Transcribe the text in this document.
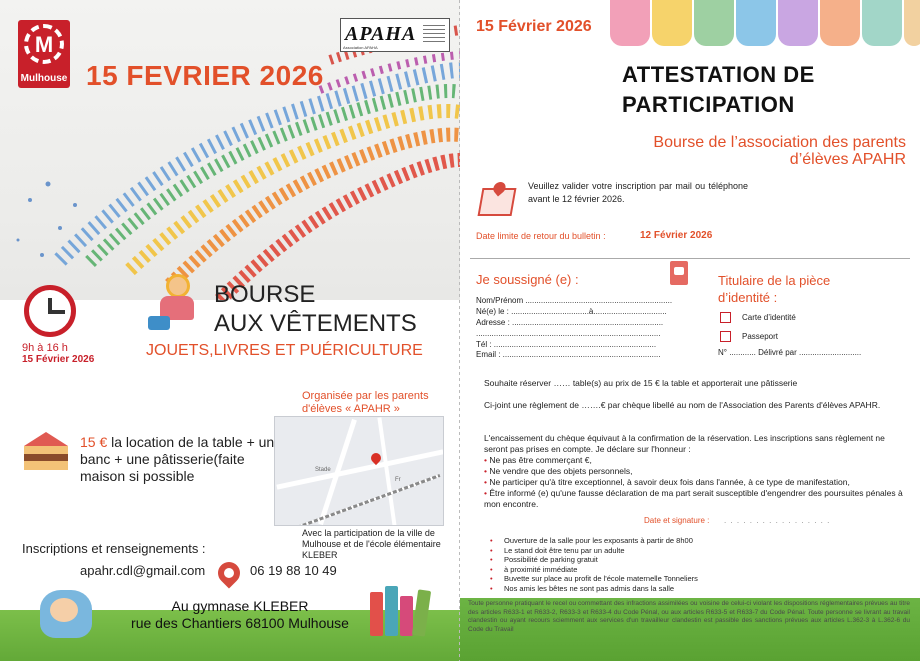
M
Mulhouse
APAHA
Association APAHA
15 FEVRIER 2026
9h à 16 h
15 Février 2026
BOURSE
AUX VÊTEMENTS
JOUETS,LIVRES ET PUÉRICULTURE
15 € la location de la table + un banc + une pâtisserie(faite maison si possible
Organisée par les parents d'élèves « APAHR »
Stade
Fr
Avec la participation de la ville de Mulhouse et de l'école élémentaire KLEBER
Inscriptions et renseignements :
apahr.cdl@gmail.com	06 19 88 10 49
Au gymnase KLEBER
rue des Chantiers 68100 Mulhouse
15 Février 2026
ATTESTATION DE
PARTICIPATION
Bourse de l’association des parents
d’élèves APAHR
Veuillez valider votre inscription par mail ou téléphone avant le 12 février 2026.
Date limite de retour du bulletin :	12 Février 2026
Je soussigné (e) :	Titulaire de la pièce
d’identité :
Nom/Prénom ..................................................................
Né(e) le : ...................................à.................................
Adresse : ....................................................................
...................................................................................
Tél : .........................................................................
Email : .......................................................................
Carte d’identité
Passeport
N° ............ Délivré par ............................
Souhaite réserver …… table(s) au prix de 15 € la table et apporterait une pâtisserie
Ci-joint une règlement de …….€ par chèque libellé au nom de l'Association des Parents d'élèves APAHR.
L'encaissement du chèque équivaut à la confirmation de la réservation. Les inscriptions sans règlement ne seront pas prises en compte. Je déclare sur l'honneur :
• Ne pas être commerçant €,
• Ne vendre que des objets personnels,
• Ne participer qu'à titre exceptionnel, à savoir deux fois dans l'année, à ce type de manifestation,
• Être informé (e) qu'une fausse déclaration de ma part serait susceptible d'engendrer des poursuites pénales à mon encontre.
Date et signature : . . . . . . . . . . . . . . . . .
• Ouverture de la salle pour les exposants à partir de 8h00
• Le stand doit être tenu par un adulte
• Possibilité de parking gratuit
• à proximité immédiate
• Buvette sur place au profit de l'école maternelle Tonneliers
• Nos amis les bêtes ne sont pas admis dans la salle
Toute personne pratiquant le recel ou commettant des infractions assimilées ou voisine de celui-ci violant les dispositions réglementaires prévues au titre des articles R633-1 et R633-2, R633-3 et R633-4 du Code Pénal, ou aux articles R633-5 et R633-7 du Code Pénal. Toute personne se livrant au travail clandestin ou ayant recours sciemment aux services d'un travailleur clandestin est passible des sanctions prévues aux articles L.362-3 à L.362-6 du Code du Travail
